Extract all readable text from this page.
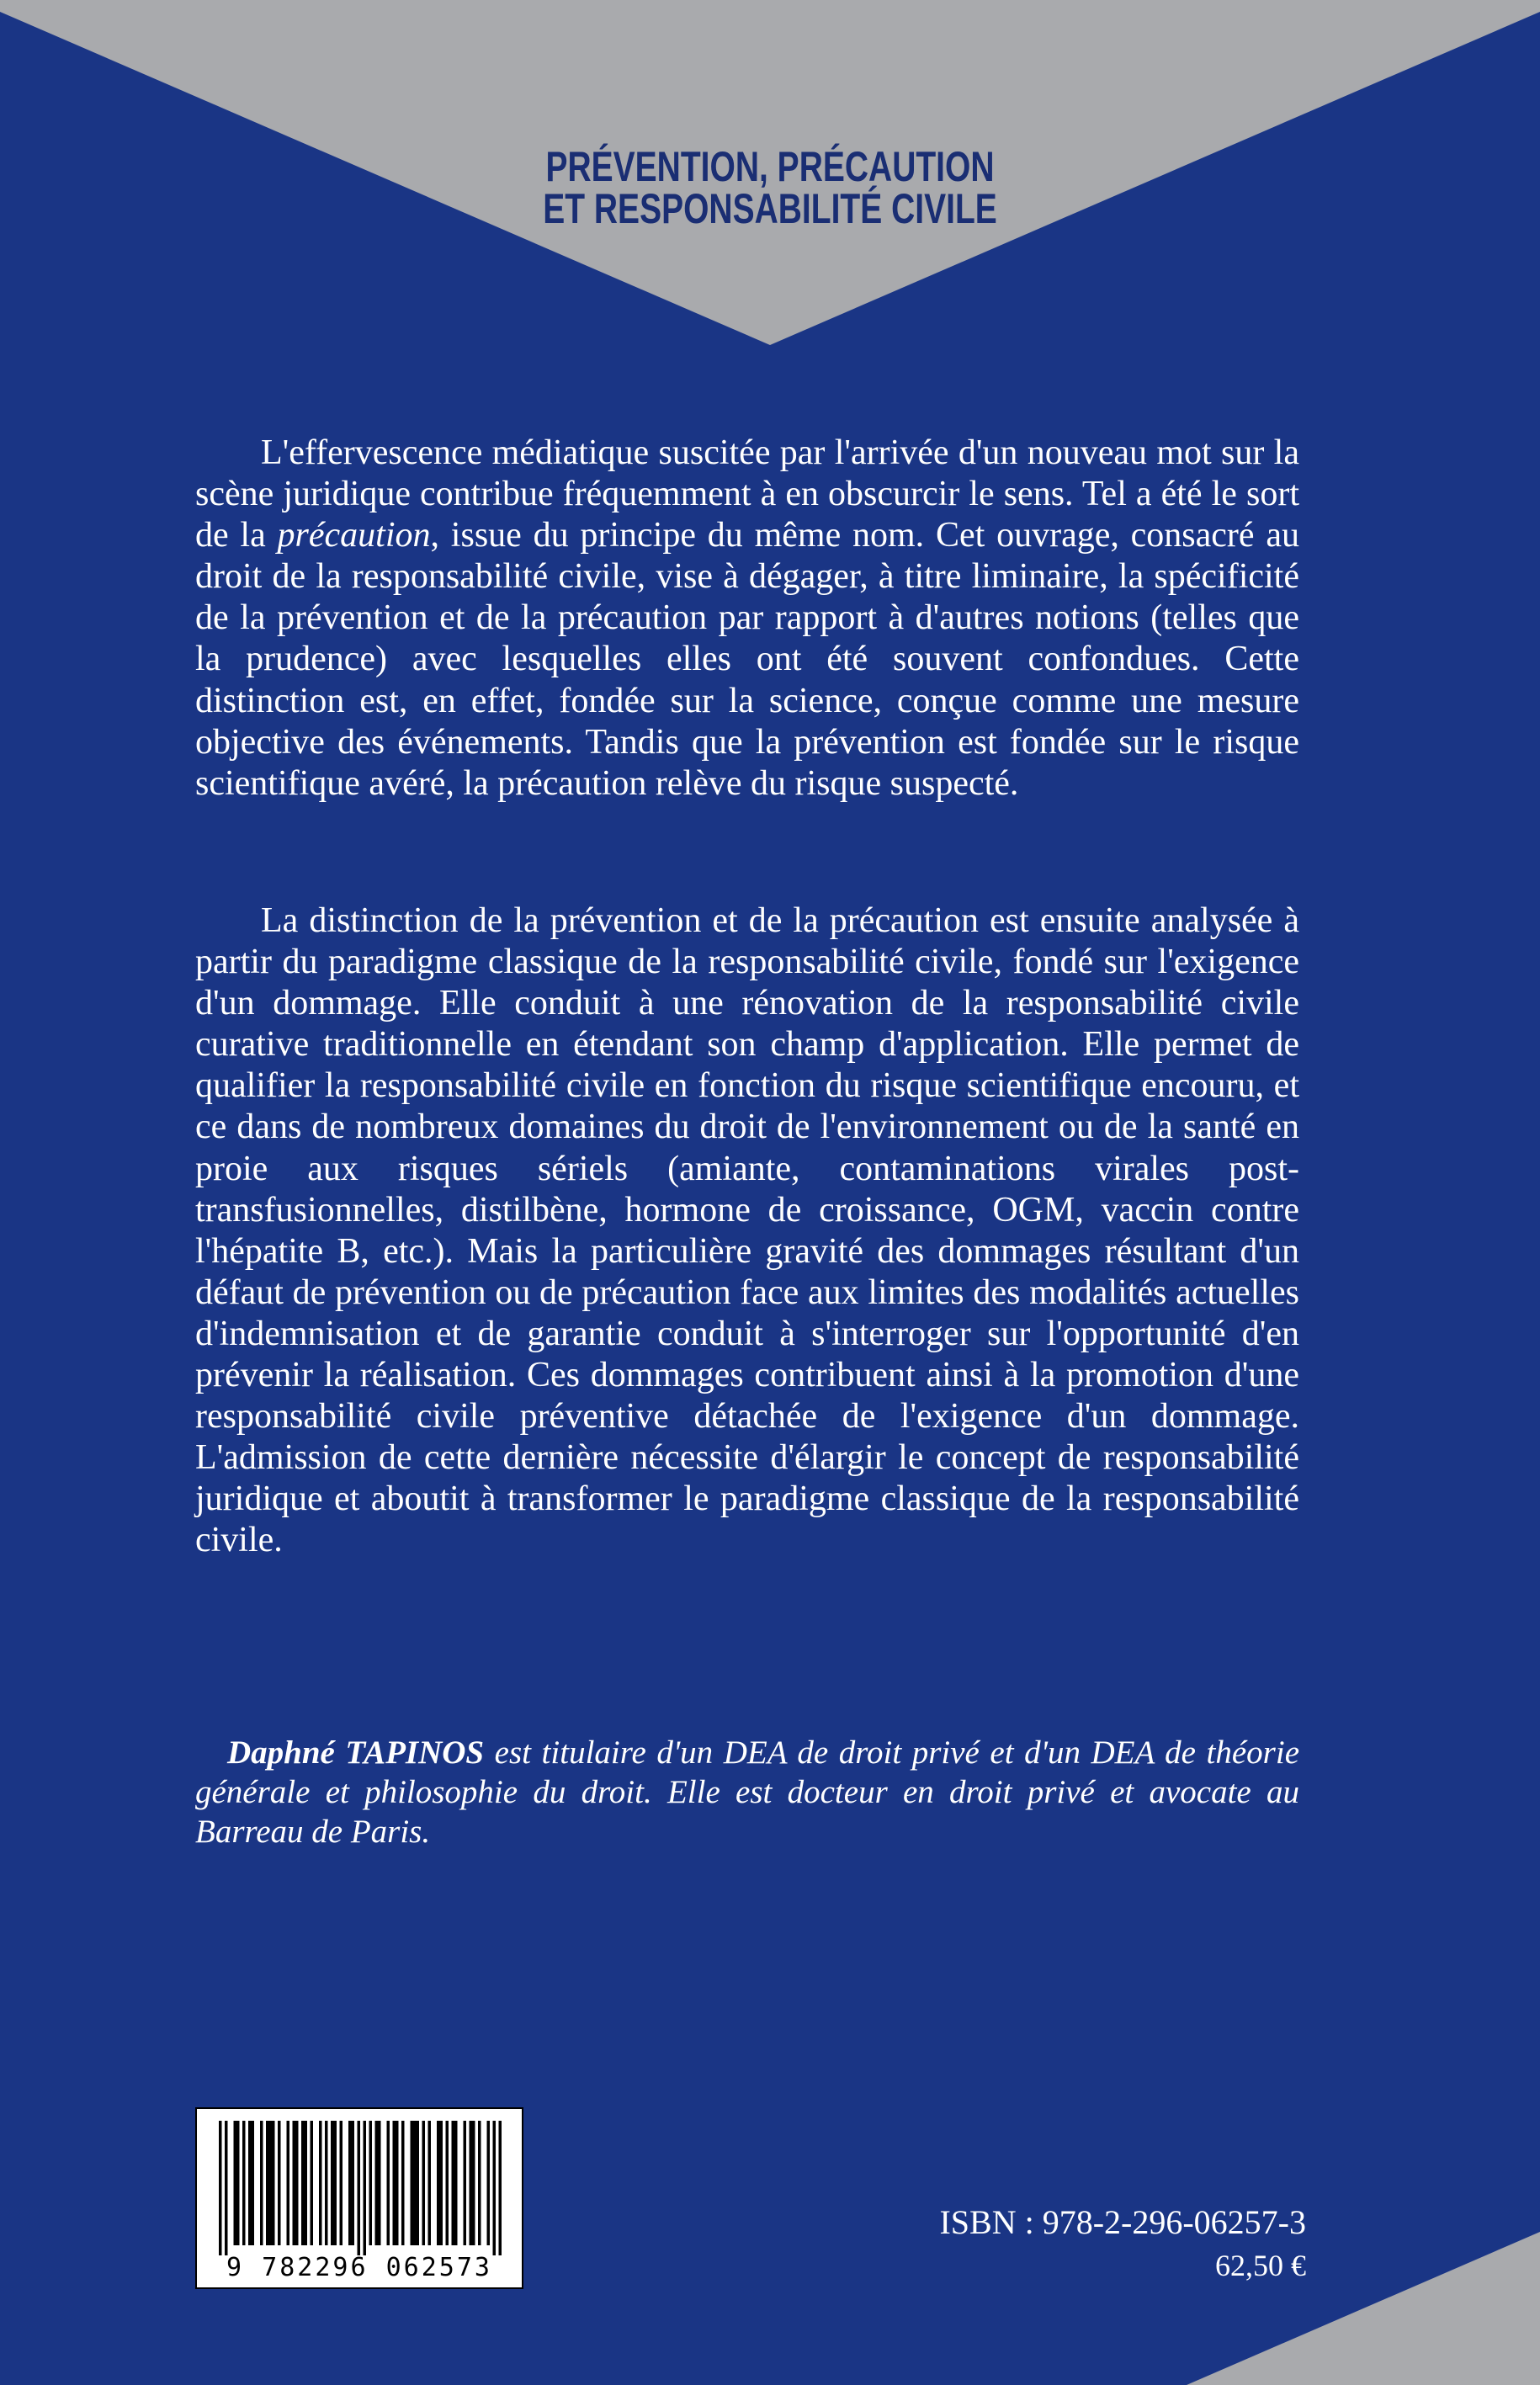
PRÉVENTION, PRÉCAUTION
ET RESPONSABILITÉ CIVILE

L'effervescence médiatique suscitée par l'arrivée d'un nouveau mot sur la scène juridique contribue fréquemment à en obscurcir le sens. Tel a été le sort de la précaution, issue du principe du même nom. Cet ouvrage, consacré au droit de la responsabilité civile, vise à dégager, à titre liminaire, la spécificité de la prévention et de la précaution par rapport à d'autres notions (telles que la prudence) avec lesquelles elles ont été souvent confondues. Cette distinction est, en effet, fondée sur la science, conçue comme une mesure objective des événements. Tandis que la prévention est fondée sur le risque scientifique avéré, la précaution relève du risque suspecté.

La distinction de la prévention et de la précaution est ensuite analysée à partir du paradigme classique de la responsabilité civile, fondé sur l'exigence d'un dommage. Elle conduit à une rénovation de la responsabilité civile curative traditionnelle en étendant son champ d'application. Elle permet de qualifier la responsabilité civile en fonction du risque scientifique encouru, et ce dans de nombreux domaines du droit de l'environnement ou de la santé en proie aux risques sériels (amiante, contaminations virales post-transfusionnelles, distilbène, hormone de croissance, OGM, vaccin contre l'hépatite B, etc.). Mais la particulière gravité des dommages résultant d'un défaut de prévention ou de précaution face aux limites des modalités actuelles d'indemnisation et de garantie conduit à s'interroger sur l'opportunité d'en prévenir la réalisation. Ces dommages contribuent ainsi à la promotion d'une responsabilité civile préventive détachée de l'exigence d'un dommage. L'admission de cette dernière nécessite d'élargir le concept de responsabilité juridique et aboutit à transformer le paradigme classique de la responsabilité civile.

Daphné TAPINOS est titulaire d'un DEA de droit privé et d'un DEA de théorie générale et philosophie du droit. Elle est docteur en droit privé et avocate au Barreau de Paris.

9 782296 062573
ISBN : 978-2-296-06257-3
62,50 €
